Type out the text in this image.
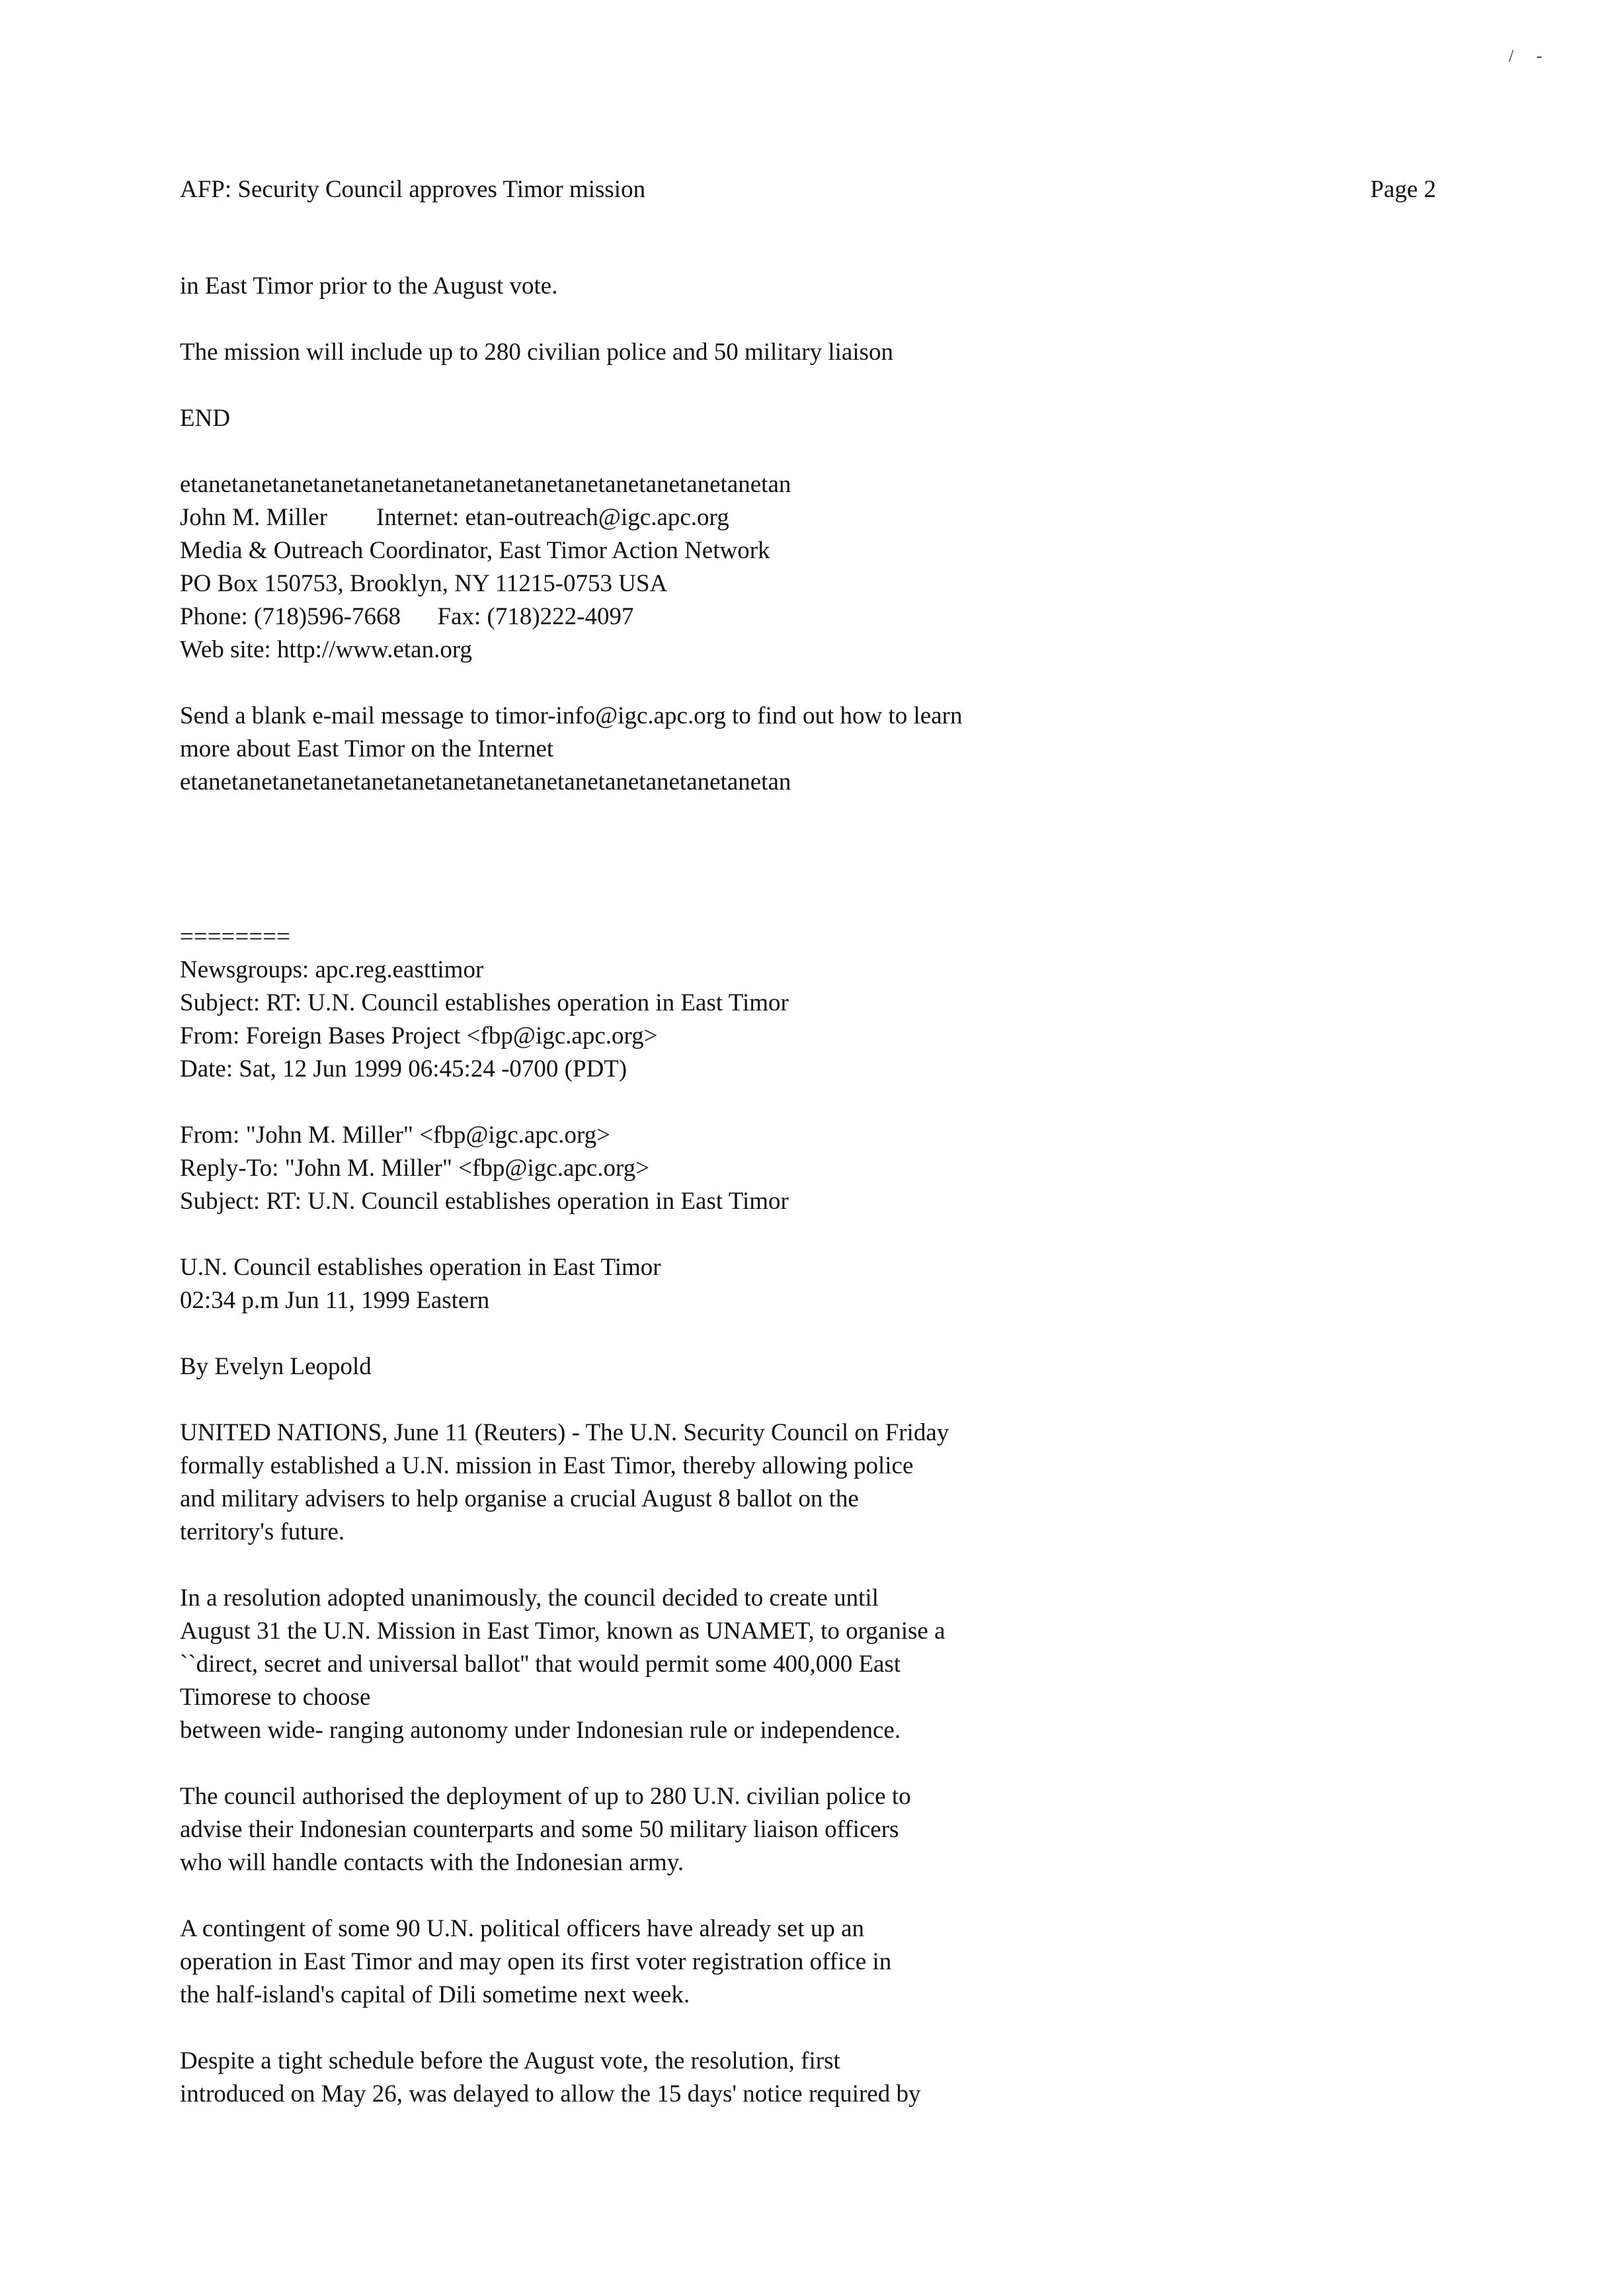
/ -
AFP: Security Council approves Timor mission	Page 2
in East Timor prior to the August vote.
The mission will include up to 280 civilian police and 50 military liaison
END
etanetanetanetanetanetanetanetanetanetanetanetanetanetanetan
John M. Miller        Internet: etan-outreach@igc.apc.org
Media & Outreach Coordinator, East Timor Action Network
PO Box 150753, Brooklyn, NY 11215-0753 USA
Phone: (718)596-7668      Fax: (718)222-4097
Web site: http://www.etan.org
Send a blank e-mail message to timor-info@igc.apc.org to find out how to learn
more about East Timor on the Internet
etanetanetanetanetanetanetanetanetanetanetanetanetanetanetan
========
Newsgroups: apc.reg.easttimor
Subject: RT: U.N. Council establishes operation in East Timor
From: Foreign Bases Project <fbp@igc.apc.org>
Date: Sat, 12 Jun 1999 06:45:24 -0700 (PDT)
From: "John M. Miller" <fbp@igc.apc.org>
Reply-To: "John M. Miller" <fbp@igc.apc.org>
Subject: RT: U.N. Council establishes operation in East Timor
U.N. Council establishes operation in East Timor
02:34 p.m Jun 11, 1999 Eastern
By Evelyn Leopold
UNITED NATIONS, June 11 (Reuters) - The U.N. Security Council on Friday
formally established a U.N. mission in East Timor, thereby allowing police
and military advisers to help organise a crucial August 8 ballot on the
territory's future.
In a resolution adopted unanimously, the council decided to create until
August 31 the U.N. Mission in East Timor, known as UNAMET, to organise a
``direct, secret and universal ballot'' that would permit some 400,000 East
Timorese to choose
between wide- ranging autonomy under Indonesian rule or independence.
The council authorised the deployment of up to 280 U.N. civilian police to
advise their Indonesian counterparts and some 50 military liaison officers
who will handle contacts with the Indonesian army.
A contingent of some 90 U.N. political officers have already set up an
operation in East Timor and may open its first voter registration office in
the half-island's capital of Dili sometime next week.
Despite a tight schedule before the August vote, the resolution, first
introduced on May 26, was delayed to allow the 15 days' notice required by
